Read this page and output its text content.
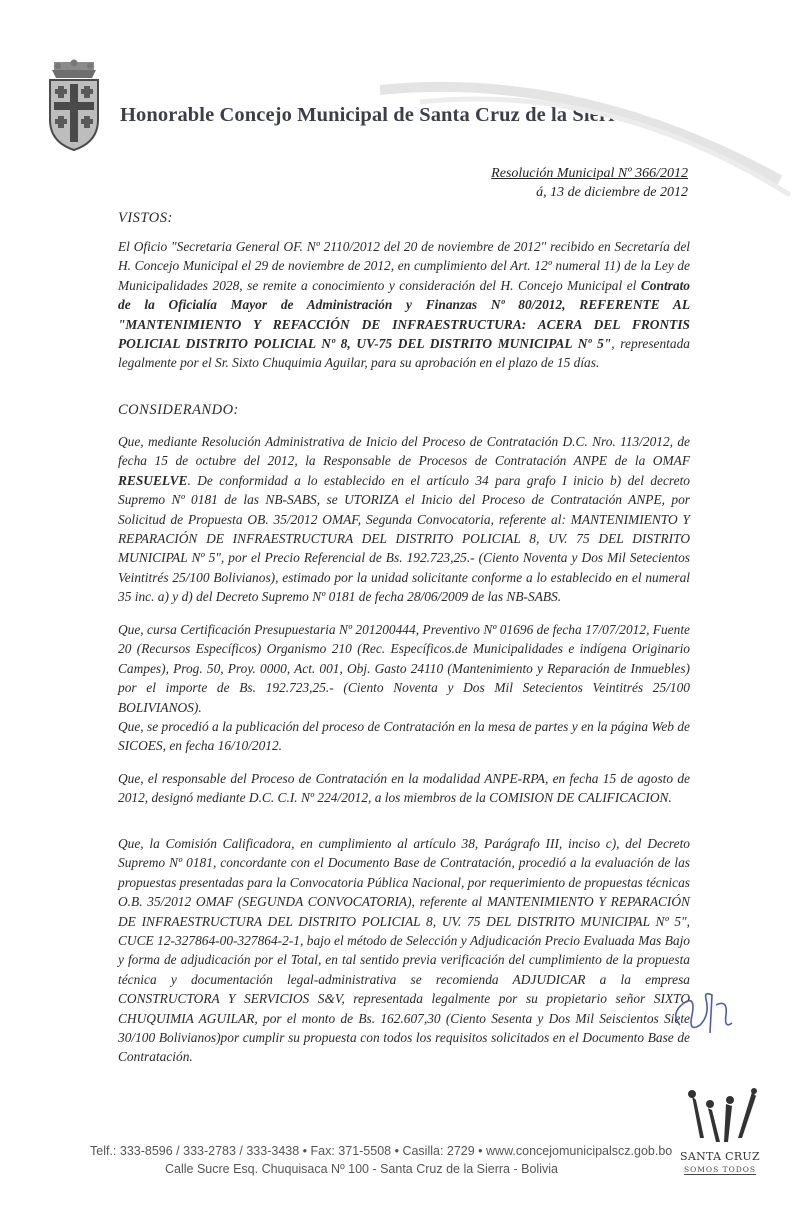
Honorable Concejo Municipal de Santa Cruz de la Sierra
Resolución Municipal Nº 366/2012
á, 13 de diciembre de 2012
VISTOS:
El Oficio "Secretaria General OF. Nº 2110/2012 del 20 de noviembre de 2012" recibido en Secretaría del H. Concejo Municipal el 29 de noviembre de 2012, en cumplimiento del Art. 12º numeral 11) de la Ley de Municipalidades 2028, se remite a conocimiento y consideración del H. Concejo Municipal el Contrato de la Oficialía Mayor de Administración y Finanzas Nº 80/2012, REFERENTE AL "MANTENIMIENTO Y REFACCIÓN DE INFRAESTRUCTURA: ACERA DEL FRONTIS POLICIAL DISTRITO POLICIAL Nº 8, UV-75 DEL DISTRITO MUNICIPAL Nº 5", representada legalmente por el Sr. Sixto Chuquimia Aguilar, para su aprobación en el plazo de 15 días.
CONSIDERANDO:
Que, mediante Resolución Administrativa de Inicio del Proceso de Contratación D.C. Nro. 113/2012, de fecha 15 de octubre del 2012, la Responsable de Procesos de Contratación ANPE de la OMAF RESUELVE. De conformidad a lo establecido en el artículo 34 para grafo I inicio b) del decreto Supremo Nº 0181 de las NB-SABS, se UTORIZA el Inicio del Proceso de Contratación ANPE, por Solicitud de Propuesta OB. 35/2012 OMAF, Segunda Convocatoria, referente al: MANTENIMIENTO Y REPARACIÓN DE INFRAESTRUCTURA DEL DISTRITO POLICIAL 8, UV. 75 DEL DISTRITO MUNICIPAL Nº 5", por el Precio Referencial de Bs. 192.723,25.- (Ciento Noventa y Dos Mil Setecientos Veintitrés 25/100 Bolivianos), estimado por la unidad solicitante conforme a lo establecido en el numeral 35 inc. a) y d) del Decreto Supremo Nº 0181 de fecha 28/06/2009 de las NB-SABS.
Que, cursa Certificación Presupuestaria Nº 201200444, Preventivo Nº 01696 de fecha 17/07/2012, Fuente 20 (Recursos Específicos) Organismo 210 (Rec. Específicos.de Municipalidades e indígena Originario Campes), Prog. 50, Proy. 0000, Act. 001, Obj. Gasto 24110 (Mantenimiento y Reparación de Inmuebles) por el importe de Bs. 192.723,25.- (Ciento Noventa y Dos Mil Setecientos Veintitrés 25/100 BOLIVIANOS).
Que, se procedió a la publicación del proceso de Contratación en la mesa de partes y en la página Web de SICOES, en fecha 16/10/2012.
Que, el responsable del Proceso de Contratación en la modalidad ANPE-RPA, en fecha 15 de agosto de 2012, designó mediante D.C. C.I. Nº 224/2012, a los miembros de la COMISION DE CALIFICACION.
Que, la Comisión Calificadora, en cumplimiento al artículo 38, Parágrafo III, inciso c), del Decreto Supremo Nº 0181, concordante con el Documento Base de Contratación, procedió a la evaluación de las propuestas presentadas para la Convocatoria Pública Nacional, por requerimiento de propuestas técnicas O.B. 35/2012 OMAF (SEGUNDA CONVOCATORIA), referente al MANTENIMIENTO Y REPARACIÓN DE INFRAESTRUCTURA DEL DISTRITO POLICIAL 8, UV. 75 DEL DISTRITO MUNICIPAL Nº 5", CUCE 12-327864-00-327864-2-1, bajo el método de Selección y Adjudicación Precio Evaluada Mas Bajo y forma de adjudicación por el Total, en tal sentido previa verificación del cumplimiento de la propuesta técnica y documentación legal-administrativa se recomienda ADJUDICAR a la empresa CONSTRUCTORA Y SERVICIOS S&V, representada legalmente por su propietario señor SIXTO CHUQUIMIA AGUILAR, por el monto de Bs. 162.607,30 (Ciento Sesenta y Dos Mil Seiscientos Siete 30/100 Bolivianos)por cumplir su propuesta con todos los requisitos solicitados en el Documento Base de Contratación.
Telf.: 333-8596 / 333-2783 / 333-3438 • Fax: 371-5508 • Casilla: 2729 • www.concejomunicipalscz.gob.bo
Calle Sucre Esq. Chuquisaca Nº 100 - Santa Cruz de la Sierra - Bolivia
SANTA CRUZ
SOMOS TODOS
